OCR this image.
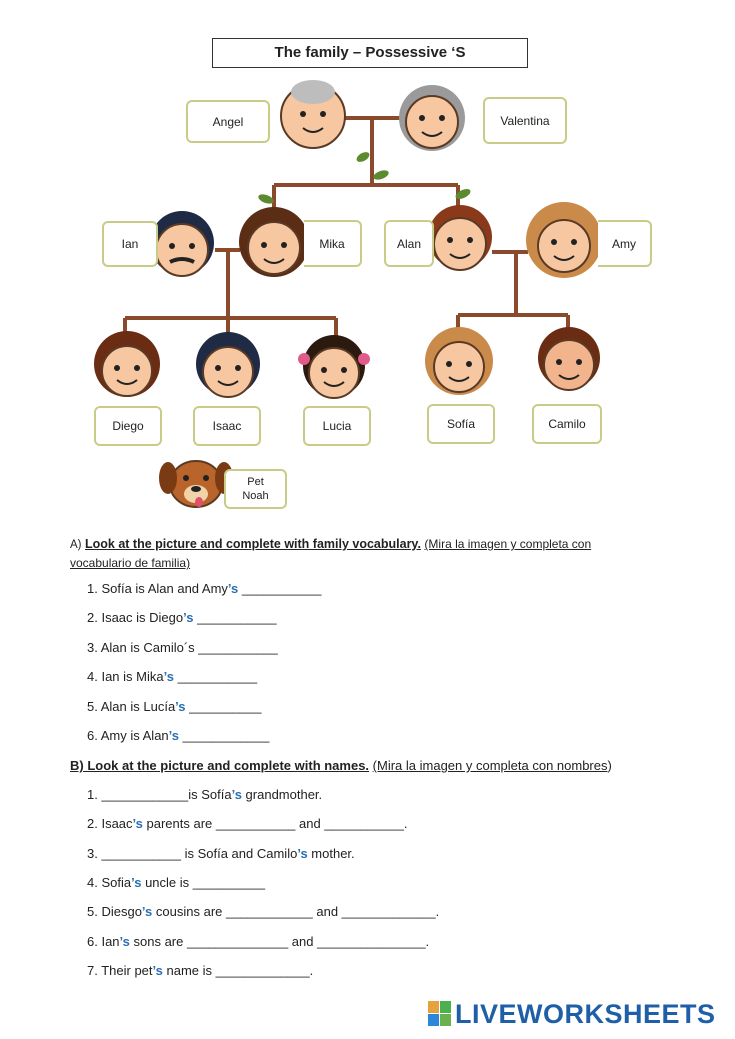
The family – Possessive ‘S
Angel	Valentina
Ian	Mika	Alan	Amy
Diego	Isaac	Lucia	Sofía	Camilo
Pet
Noah
A) Look at the picture and complete with family vocabulary. (Mira la imagen y completa con
vocabulario de familia)
1. Sofía is Alan and Amy’s ___________
2. Isaac is Diego’s ___________
3. Alan is Camilo´s ___________
4. Ian is Mika’s ___________
5. Alan is Lucía’s __________
6. Amy is Alan’s ____________
B) Look at the picture and complete with names. (Mira la imagen y completa con nombres)
1. ____________is Sofía’s grandmother.
2. Isaac’s parents are ___________ and ___________.
3. ___________ is Sofía and Camilo’s mother.
4. Sofia’s uncle is __________
5. Diesgo’s cousins are ____________ and _____________.
6. Ian’s sons are ______________ and _______________.
7. Their pet’s name is _____________.
LIVEWORKSHEETS
